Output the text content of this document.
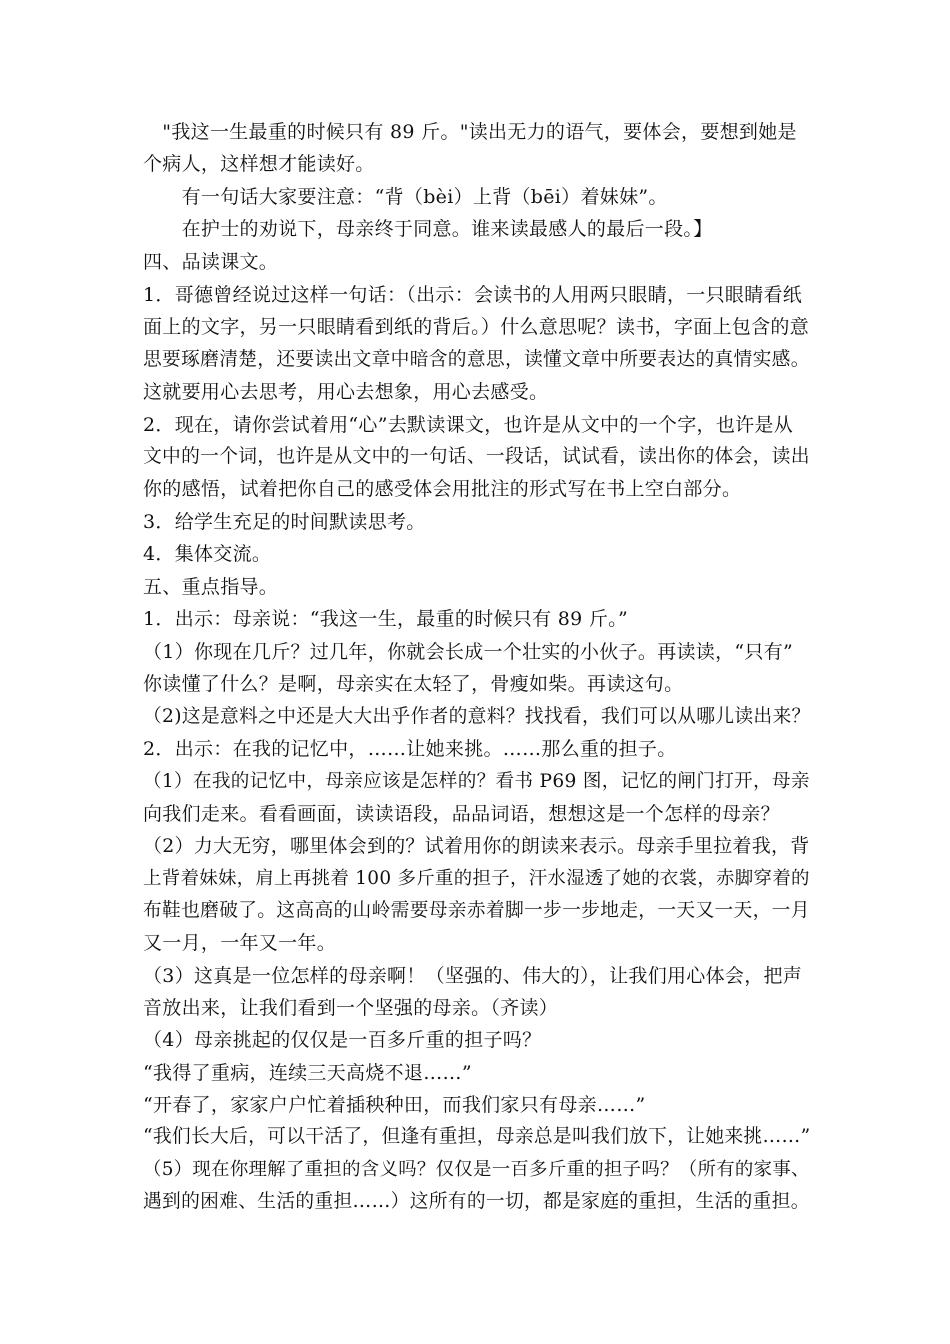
　"我这一生最重的时候只有 89 斤。"读出无力的语气，要体会，要想到她是
个病人，这样想才能读好。
　　有一句话大家要注意：“背（bèi）上背（bēi）着妹妹”。
　　在护士的劝说下，母亲终于同意。谁来读最感人的最后一段。】
四、品读课文。
1．哥德曾经说过这样一句话：（出示：会读书的人用两只眼睛，一只眼睛看纸
面上的文字，另一只眼睛看到纸的背后。）什么意思呢？读书，字面上包含的意
思要琢磨清楚，还要读出文章中暗含的意思，读懂文章中所要表达的真情实感。
这就要用心去思考，用心去想象，用心去感受。
2．现在，请你尝试着用“心”去默读课文，也许是从文中的一个字，也许是从
文中的一个词，也许是从文中的一句话、一段话，试试看，读出你的体会，读出
你的感悟，试着把你自己的感受体会用批注的形式写在书上空白部分。
3．给学生充足的时间默读思考。
4．集体交流。
五、重点指导。
1．出示：母亲说：“我这一生，最重的时候只有 89 斤。”
（1）你现在几斤？过几年，你就会长成一个壮实的小伙子。再读读，“只有”
你读懂了什么？是啊，母亲实在太轻了，骨瘦如柴。再读这句。
（2)这是意料之中还是大大出乎作者的意料？找找看，我们可以从哪儿读出来？
2．出示：在我的记忆中，……让她来挑。……那么重的担子。
（1）在我的记忆中，母亲应该是怎样的？看书 P69 图，记忆的闸门打开，母亲
向我们走来。看看画面，读读语段，品品词语，想想这是一个怎样的母亲？
（2）力大无穷，哪里体会到的？试着用你的朗读来表示。母亲手里拉着我，背
上背着妹妹，肩上再挑着 100 多斤重的担子，汗水湿透了她的衣裳，赤脚穿着的
布鞋也磨破了。这高高的山岭需要母亲赤着脚一步一步地走，一天又一天，一月
又一月，一年又一年。
（3）这真是一位怎样的母亲啊！（坚强的、伟大的），让我们用心体会，把声
音放出来，让我们看到一个坚强的母亲。（齐读）
（4）母亲挑起的仅仅是一百多斤重的担子吗？
“我得了重病，连续三天高烧不退……”
“开春了，家家户户忙着插秧种田，而我们家只有母亲……”
“我们长大后，可以干活了，但逢有重担，母亲总是叫我们放下，让她来挑……”
（5）现在你理解了重担的含义吗？仅仅是一百多斤重的担子吗？（所有的家事、
遇到的困难、生活的重担……）这所有的一切，都是家庭的重担，生活的重担。
